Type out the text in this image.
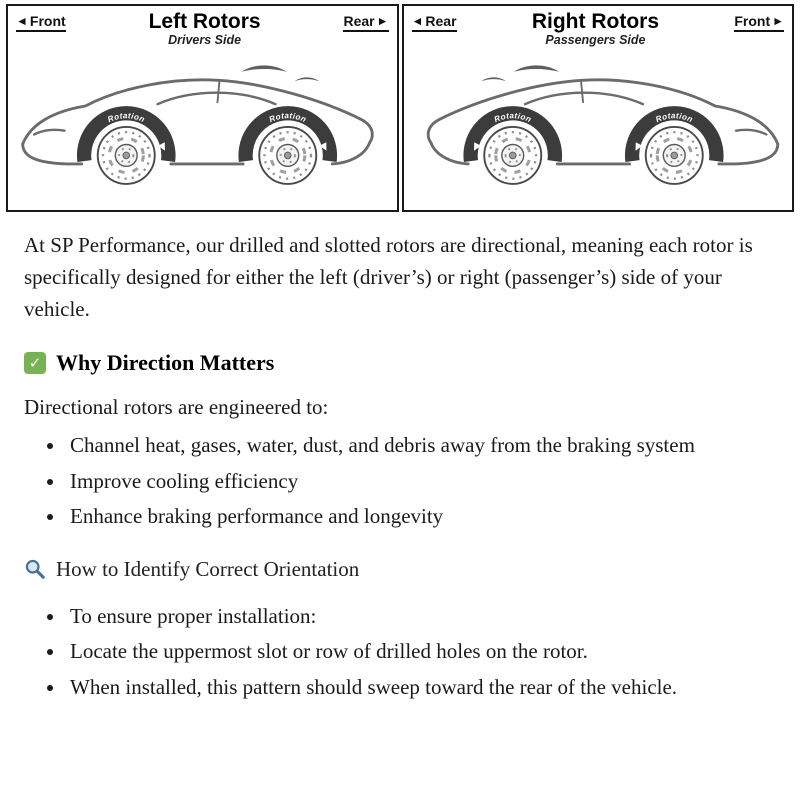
◄ Front	Left Rotors
Drivers Side
Rear ►
Rotation	Rotation
◄ Rear	Right Rotors
Passengers Side
Front ►
Rotation	Rotation

At SP Performance, our drilled and slotted rotors are directional, meaning each rotor is specifically designed for either the left (driver’s) or right (passenger’s) side of your vehicle.

✓ Why Direction Matters

Directional rotors are engineered to:

• Channel heat, gases, water, dust, and debris away from the braking system
• Improve cooling efficiency
• Enhance braking performance and longevity
How to Identify Correct Orientation
• To ensure proper installation:
• Locate the uppermost slot or row of drilled holes on the rotor.
• When installed, this pattern should sweep toward the rear of the vehicle.
